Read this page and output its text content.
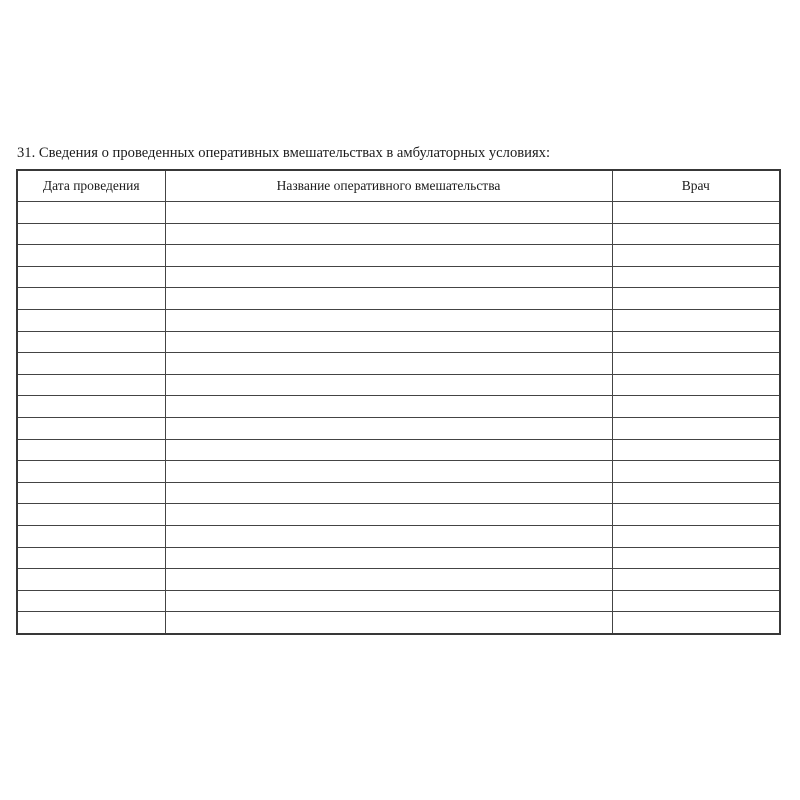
31. Сведения о проведенных оперативных вмешательствах в амбулаторных условиях:
Дата проведения	Название оперативного вмешательства	Врач
